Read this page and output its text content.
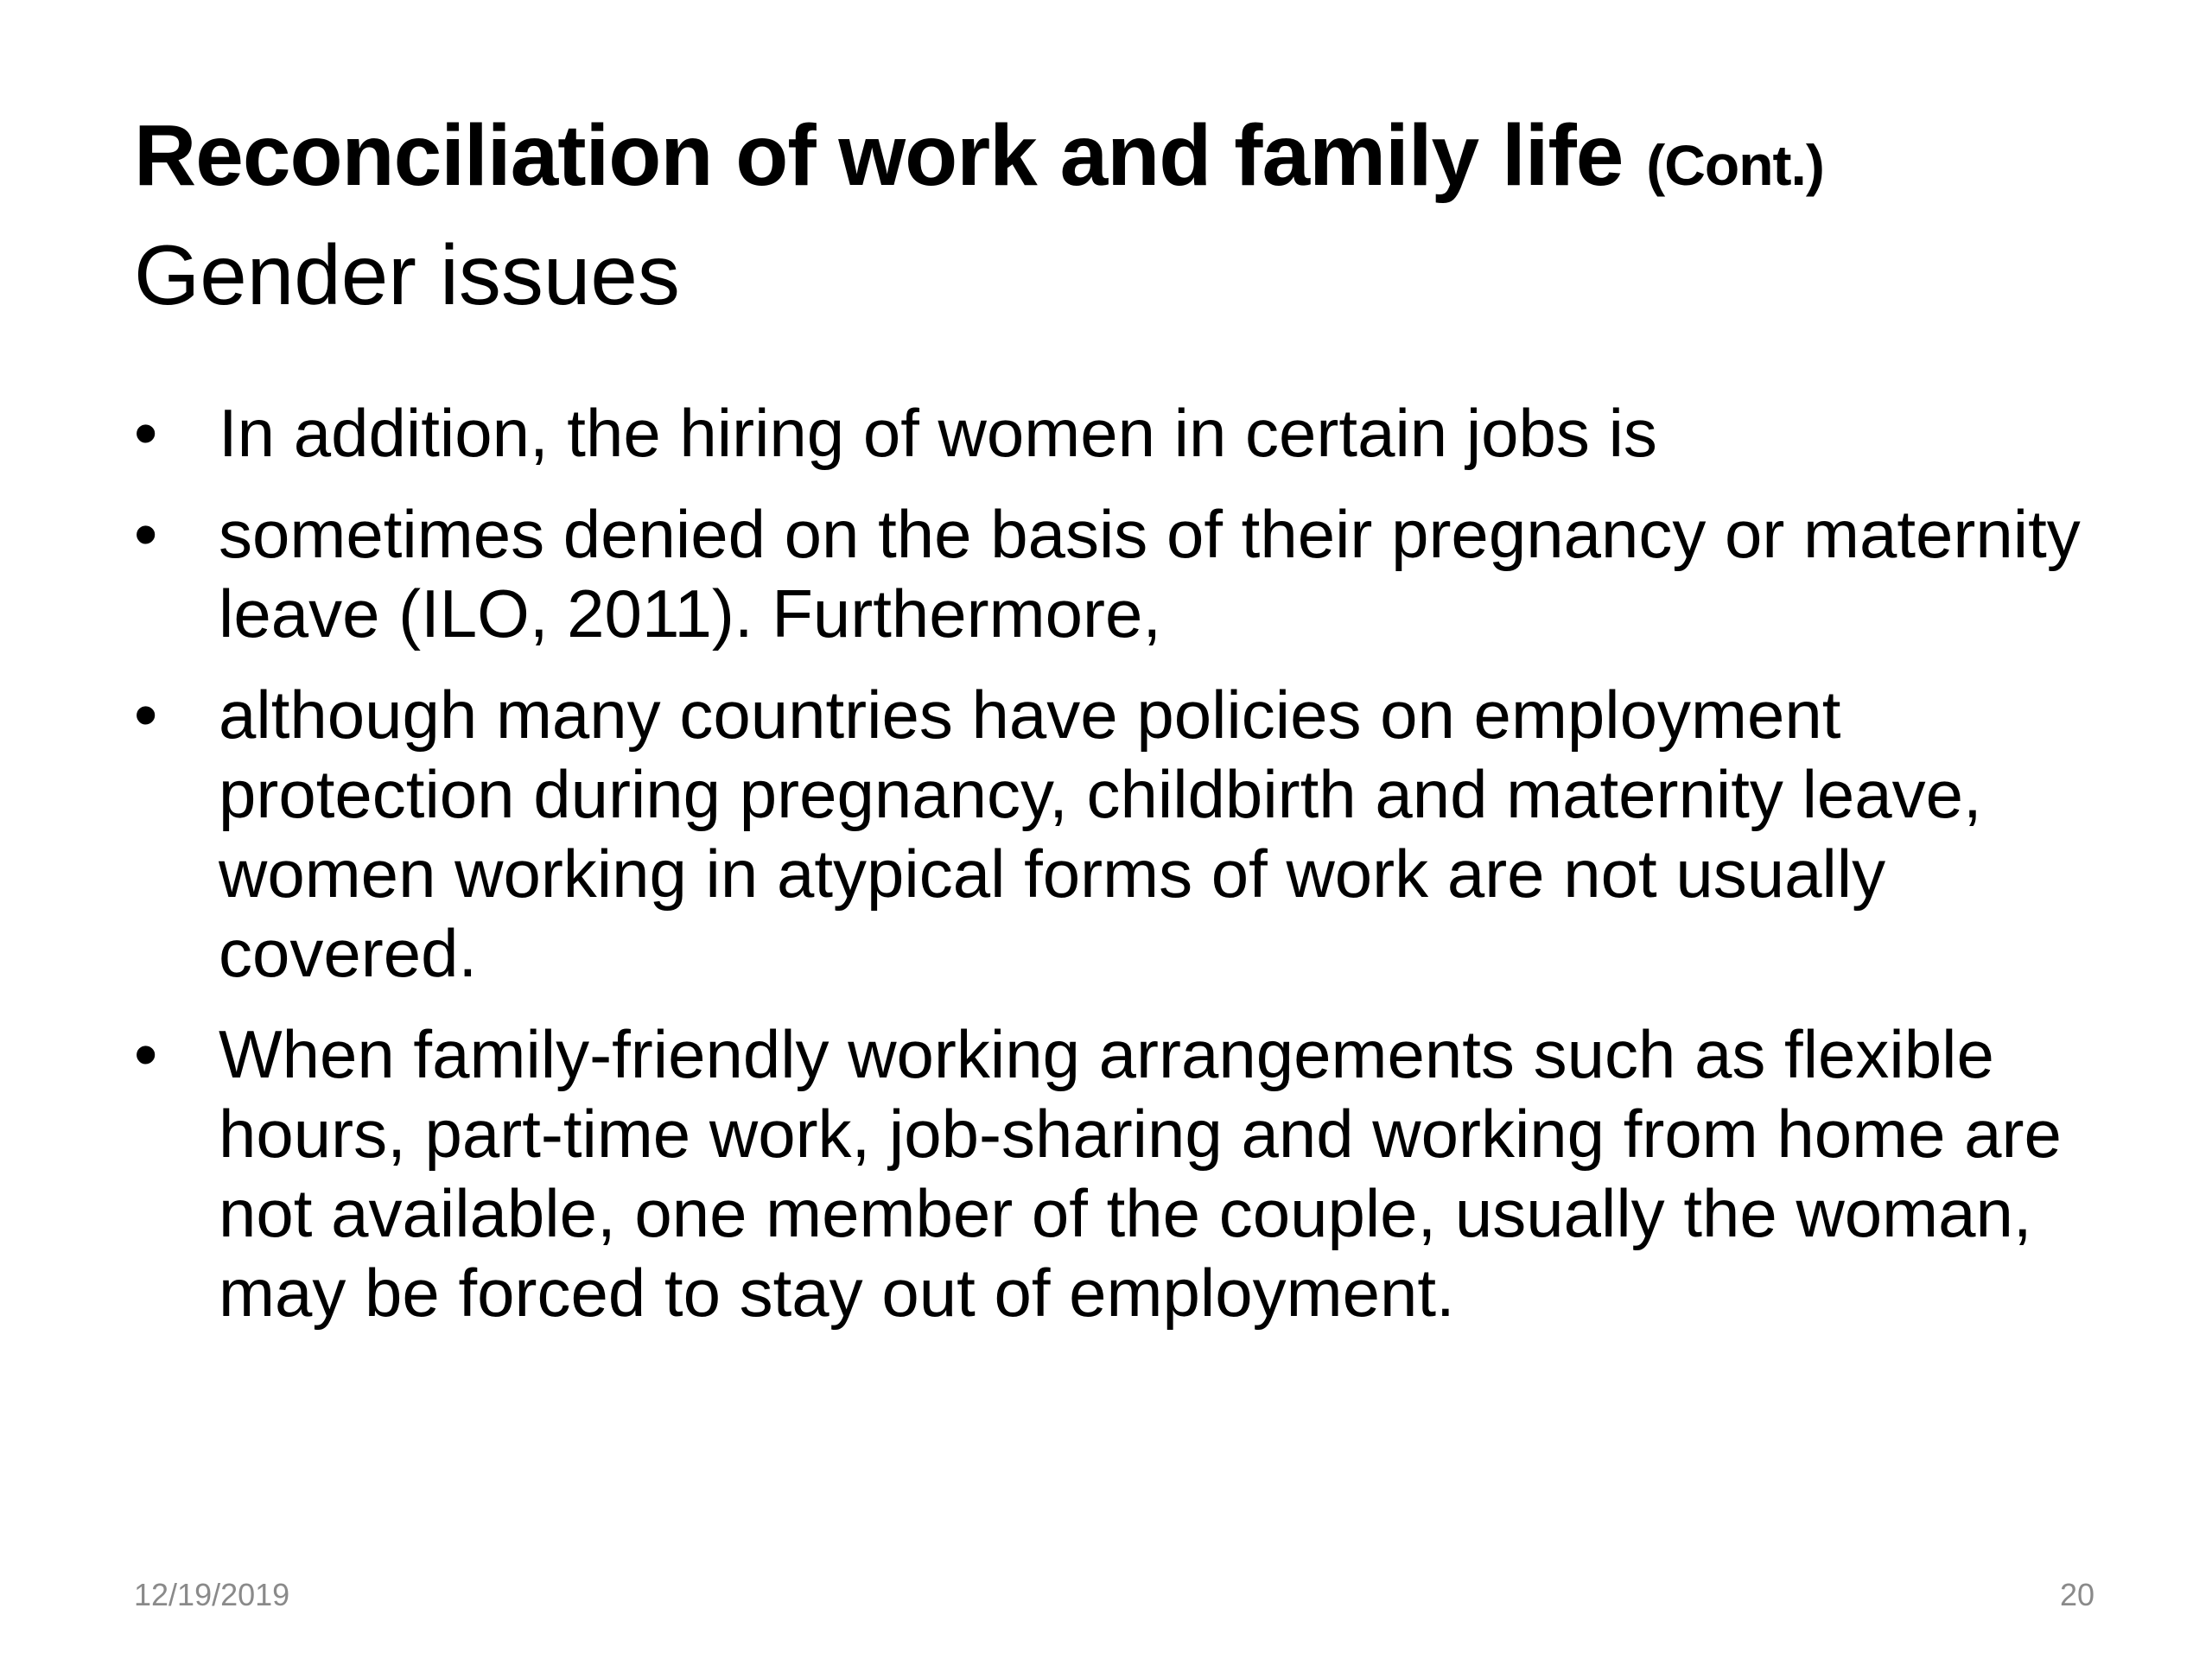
Reconciliation of work and family life (Cont.)
Gender issues
• In addition, the hiring of women in certain jobs is
• sometimes denied on the basis of their pregnancy or maternity leave (ILO, 2011). Furthermore,
• although many countries have policies on employment protection during pregnancy, childbirth and maternity leave, women working in atypical forms of work are not usually covered.
• When family-friendly working arrangements such as flexible hours, part-time work, job-sharing and working from home are not available, one member of the couple, usually the woman, may be forced to stay out of employment.
12/19/2019	20
